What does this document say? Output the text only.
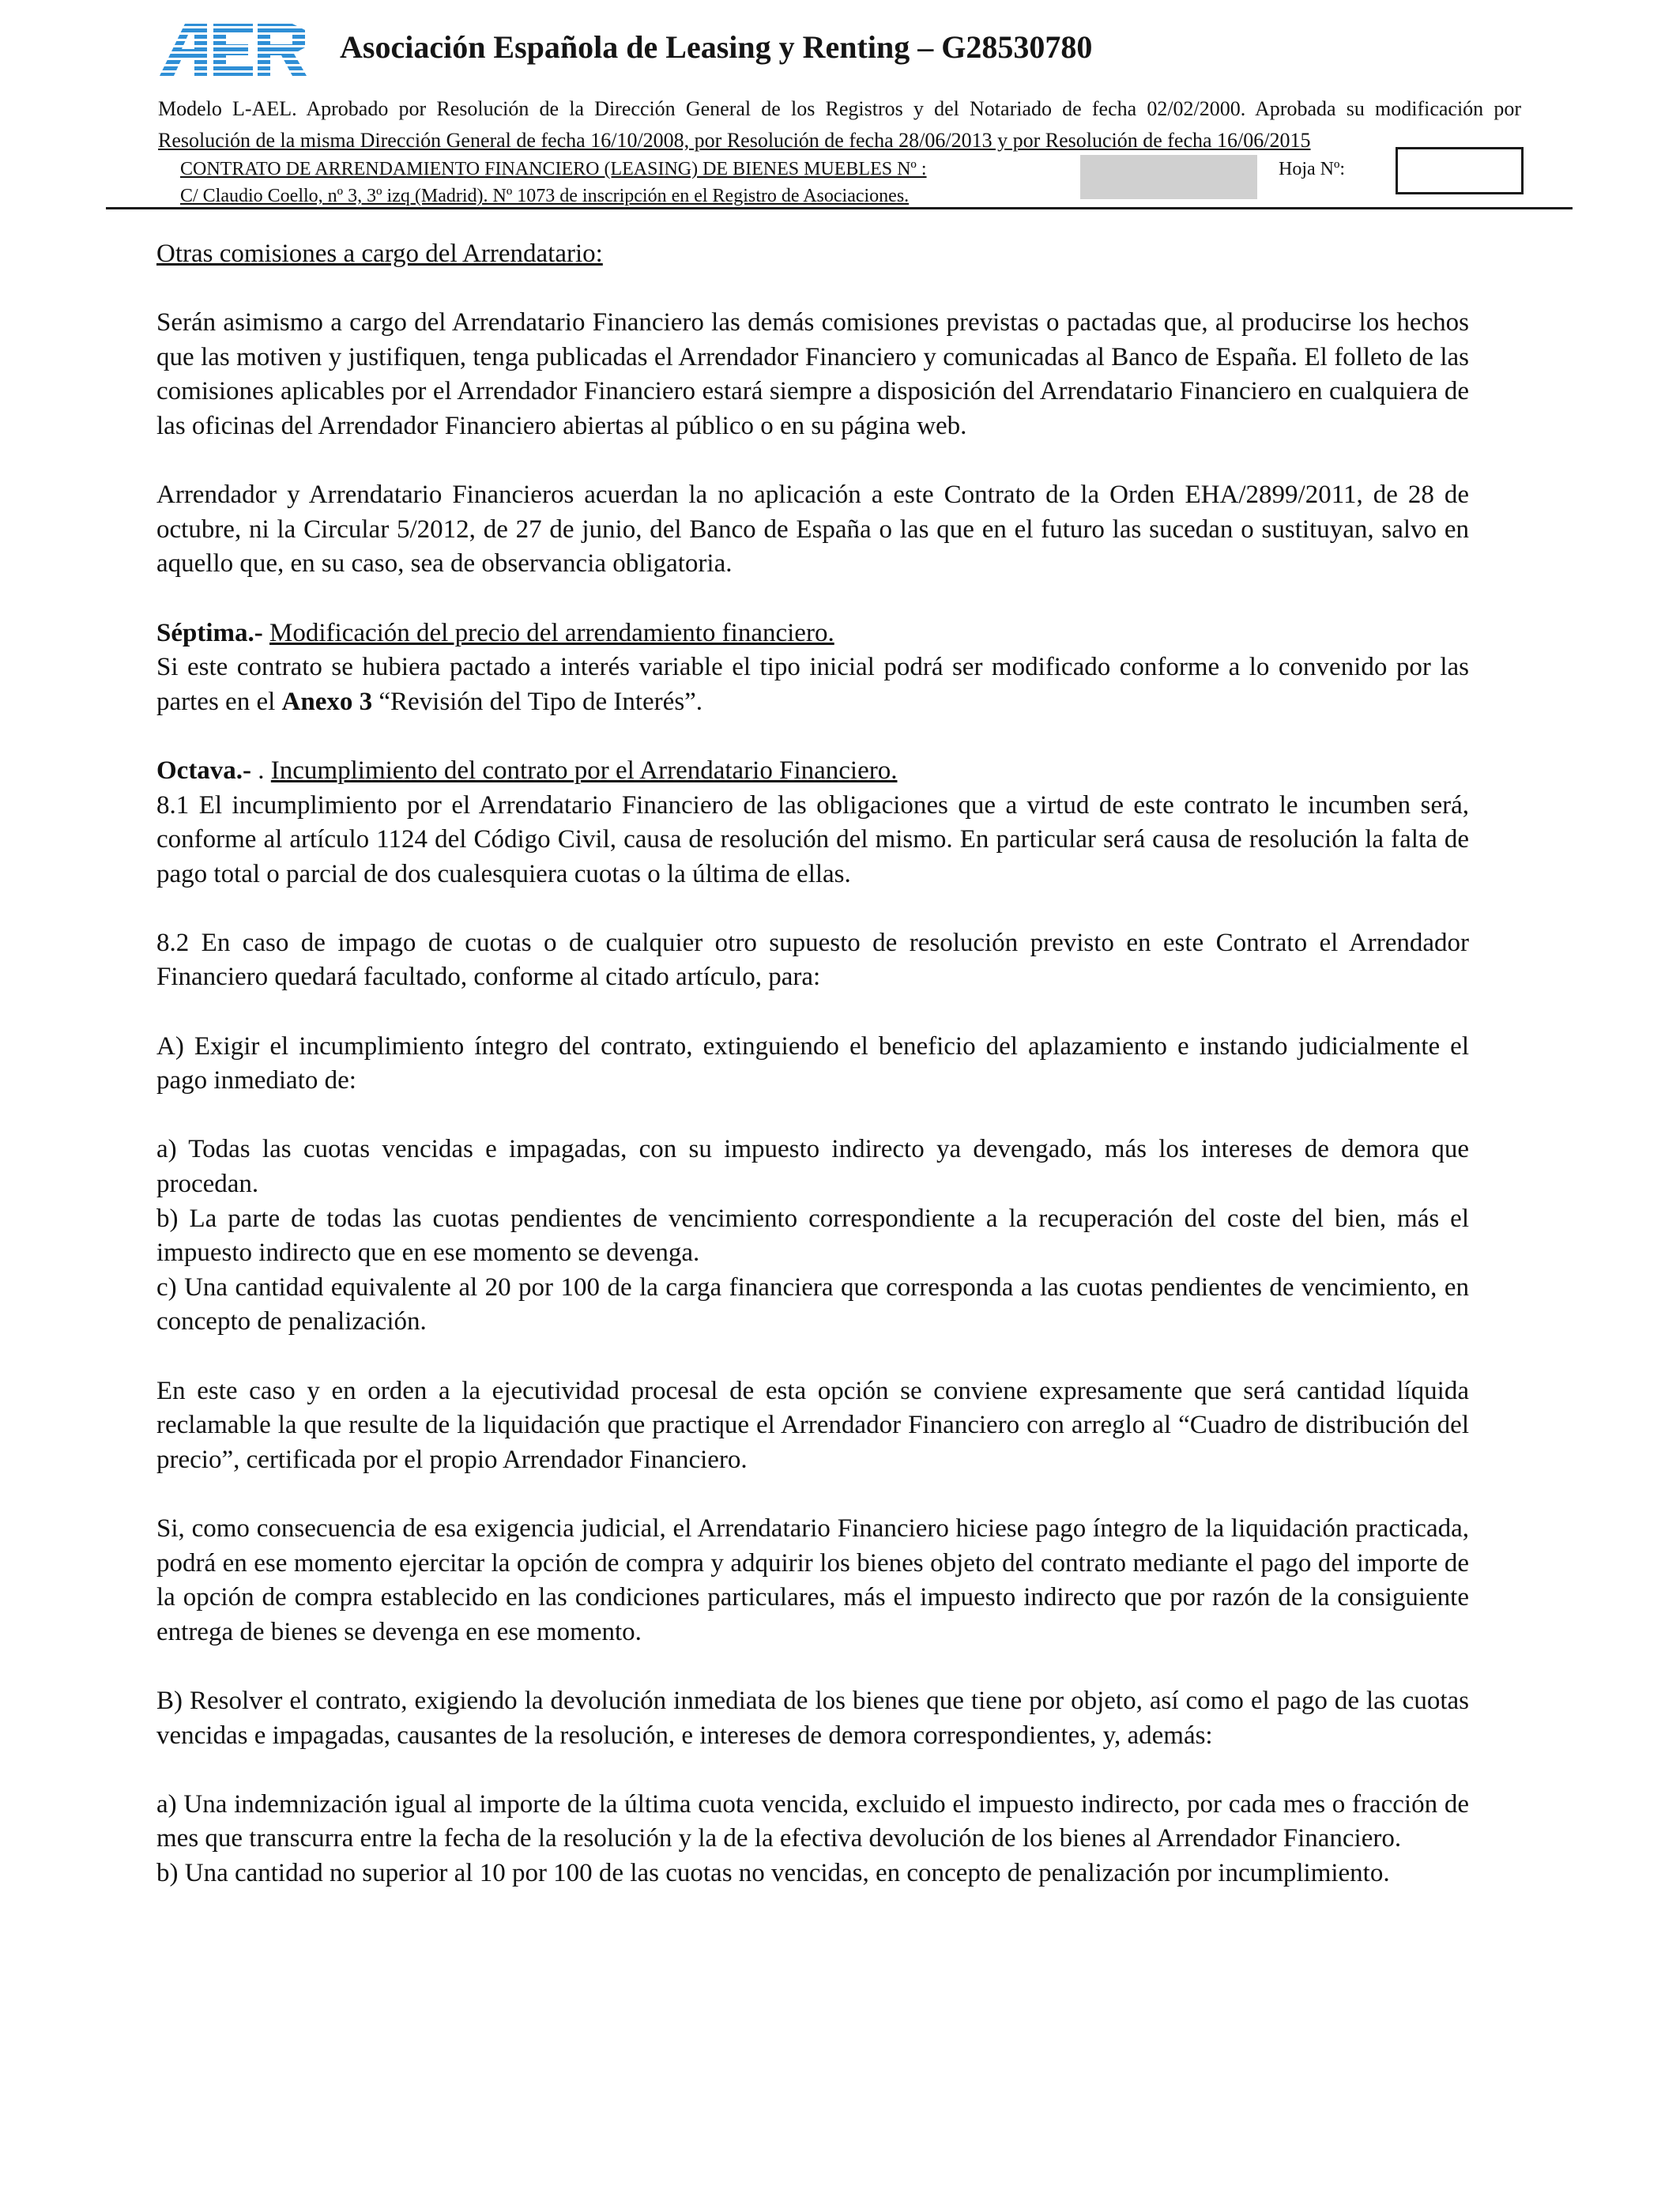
Asociación Española de Leasing y Renting – G28530780
Modelo L-AEL. Aprobado por Resolución de la Dirección General de los Registros y del Notariado de fecha 02/02/2000. Aprobada su modificación por
Resolución de la misma Dirección General de fecha 16/10/2008, por Resolución de fecha 28/06/2013 y por Resolución de fecha 16/06/2015
CONTRATO DE ARRENDAMIENTO FINANCIERO (LEASING) DE BIENES MUEBLES Nº :	Hoja Nº:
C/ Claudio Coello, nº 3, 3º izq (Madrid). Nº 1073 de inscripción en el Registro de Asociaciones.

Otras comisiones a cargo del Arrendatario:

Serán asimismo a cargo del Arrendatario Financiero las demás comisiones previstas o pactadas que, al producirse los hechos que las motiven y justifiquen, tenga publicadas el Arrendador Financiero y comunicadas al Banco de España. El folleto de las comisiones aplicables por el Arrendador Financiero estará siempre a disposición del Arrendatario Financiero en cualquiera de las oficinas del Arrendador Financiero abiertas al público o en su página web.

Arrendador y Arrendatario Financieros acuerdan la no aplicación a este Contrato de la Orden EHA/2899/2011, de 28 de octubre, ni la Circular 5/2012, de 27 de junio, del Banco de España o las que en el futuro las sucedan o sustituyan, salvo en aquello que, en su caso, sea de observancia obligatoria.

Séptima.- Modificación del precio del arrendamiento financiero.

Si este contrato se hubiera pactado a interés variable el tipo inicial podrá ser modificado conforme a lo convenido por las partes en el Anexo 3 “Revisión del Tipo de Interés”.

Octava.- . Incumplimiento del contrato por el Arrendatario Financiero.

8.1 El incumplimiento por el Arrendatario Financiero de las obligaciones que a virtud de este contrato le incumben será, conforme al artículo 1124 del Código Civil, causa de resolución del mismo. En particular será causa de resolución la falta de pago total o parcial de dos cualesquiera cuotas o la última de ellas.

8.2 En caso de impago de cuotas o de cualquier otro supuesto de resolución previsto en este Contrato el Arrendador Financiero quedará facultado, conforme al citado artículo, para:

A) Exigir el incumplimiento íntegro del contrato, extinguiendo el beneficio del aplazamiento e instando judicialmente el pago inmediato de:

a) Todas las cuotas vencidas e impagadas, con su impuesto indirecto ya devengado, más los intereses de demora que procedan.

b) La parte de todas las cuotas pendientes de vencimiento correspondiente a la recuperación del coste del bien, más el impuesto indirecto que en ese momento se devenga.

c) Una cantidad equivalente al 20 por 100 de la carga financiera que corresponda a las cuotas pendientes de vencimiento, en concepto de penalización.

En este caso y en orden a la ejecutividad procesal de esta opción se conviene expresamente que será cantidad líquida reclamable la que resulte de la liquidación que practique el Arrendador Financiero con arreglo al “Cuadro de distribución del precio”, certificada por el propio Arrendador Financiero.

Si, como consecuencia de esa exigencia judicial, el Arrendatario Financiero hiciese pago íntegro de la liquidación practicada, podrá en ese momento ejercitar la opción de compra y adquirir los bienes objeto del contrato mediante el pago del importe de la opción de compra establecido en las condiciones particulares, más el impuesto indirecto que por razón de la consiguiente entrega de bienes se devenga en ese momento.

B) Resolver el contrato, exigiendo la devolución inmediata de los bienes que tiene por objeto, así como el pago de las cuotas vencidas e impagadas, causantes de la resolución, e intereses de demora correspondientes, y, además:

a) Una indemnización igual al importe de la última cuota vencida, excluido el impuesto indirecto, por cada mes o fracción de mes que transcurra entre la fecha de la resolución y la de la efectiva devolución de los bienes al Arrendador Financiero.

b) Una cantidad no superior al 10 por 100 de las cuotas no vencidas, en concepto de penalización por incumplimiento.
